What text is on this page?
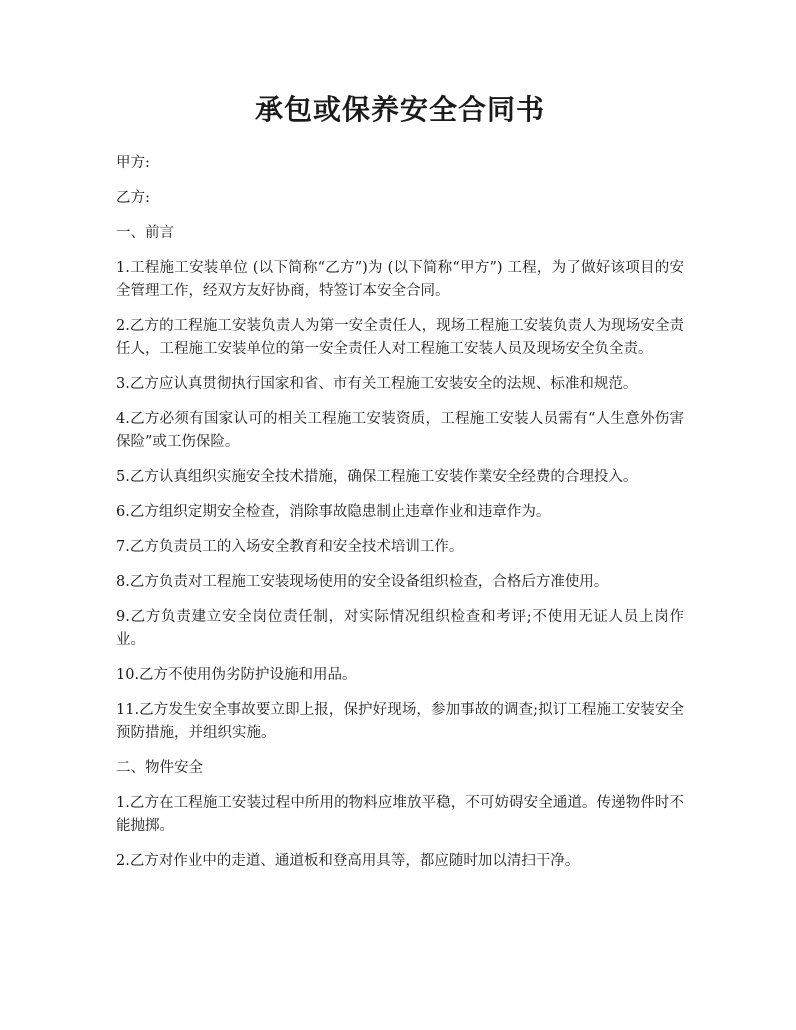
承包或保养安全合同书

甲方:

乙方:

一、前言

1.工程施工安装单位 (以下简称“乙方”)为 (以下简称“甲方”) 工程，为了做好该项目的安全管理工作，经双方友好协商，特签订本安全合同。

2.乙方的工程施工安装负责人为第一安全责任人，现场工程施工安装负责人为现场安全责任人，工程施工安装单位的第一安全责任人对工程施工安装人员及现场安全负全责。

3.乙方应认真贯彻执行国家和省、市有关工程施工安装安全的法规、标准和规范。

4.乙方必须有国家认可的相关工程施工安装资质，工程施工安装人员需有“人生意外伤害保险”或工伤保险。

5.乙方认真组织实施安全技术措施，确保工程施工安装作業安全经费的合理投入。

6.乙方组织定期安全检查，消除事故隐患制止违章作业和违章作为。

7.乙方负责员工的入场安全教育和安全技术培训工作。

8.乙方负责对工程施工安装现场使用的安全设备组织检查，合格后方准使用。

9.乙方负责建立安全岗位责任制，对实际情况组织检查和考评;不使用无证人员上岗作业。

10.乙方不使用伪劣防护设施和用品。

11.乙方发生安全事故要立即上报，保护好现场，参加事故的调查;拟订工程施工安装安全预防措施，并组织实施。

二、物件安全

1.乙方在工程施工安装过程中所用的物料应堆放平稳，不可妨碍安全通道。传递物件时不能抛掷。

2.乙方对作业中的走道、通道板和登高用具等，都应随时加以清扫干净。
